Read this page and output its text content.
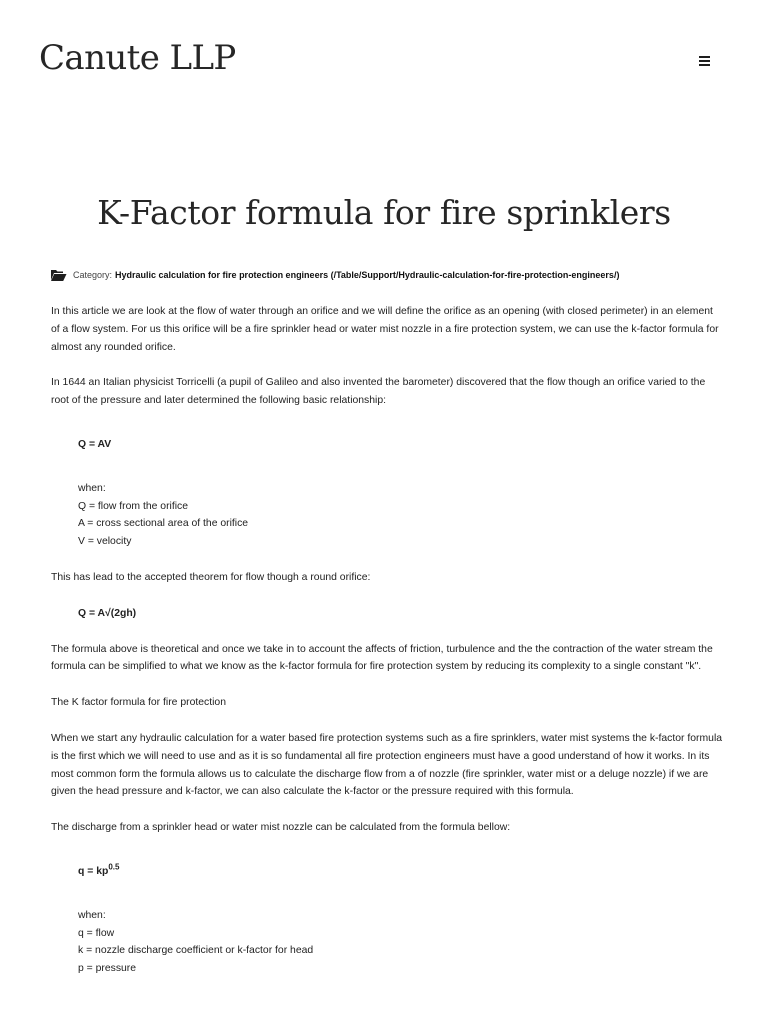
Canute LLP
K-Factor formula for fire sprinklers
Category: Hydraulic calculation for fire protection engineers (/Table/Support/Hydraulic-calculation-for-fire-protection-engineers/)

In this article we are look at the flow of water through an orifice and we will define the orifice as an opening (with closed perimeter) in an element of a flow system. For us this orifice will be a fire sprinkler head or water mist nozzle in a fire protection system, we can use the k-factor formula for almost any rounded orifice.

In 1644 an Italian physicist Torricelli (a pupil of Galileo and also invented the barometer) discovered that the flow though an orifice varied to the root of the pressure and later determined the following basic relationship:

Q = AV
when:
Q = flow from the orifice
A = cross sectional area of the orifice
V = velocity

This has lead to the accepted theorem for flow though a round orifice:

Q = A√(2gh)

The formula above is theoretical and once we take in to account the affects of friction, turbulence and the the contraction of the water stream the formula can be simplified to what we know as the k-factor formula for fire protection system by reducing its complexity to a single constant "k".

The K factor formula for fire protection

When we start any hydraulic calculation for a water based fire protection systems such as a fire sprinklers, water mist systems the k-factor formula is the first which we will need to use and as it is so fundamental all fire protection engineers must have a good understand of how it works. In its most common form the formula allows us to calculate the discharge flow from a of nozzle (fire sprinkler, water mist or a deluge nozzle) if we are given the head pressure and k-factor, we can also calculate the k-factor or the pressure required with this formula.

The discharge from a sprinkler head or water mist nozzle can be calculated from the formula bellow:

$q = kp^{0.5}$
when:
q = flow
k = nozzle discharge coefficient or k-factor for head
p = pressure
